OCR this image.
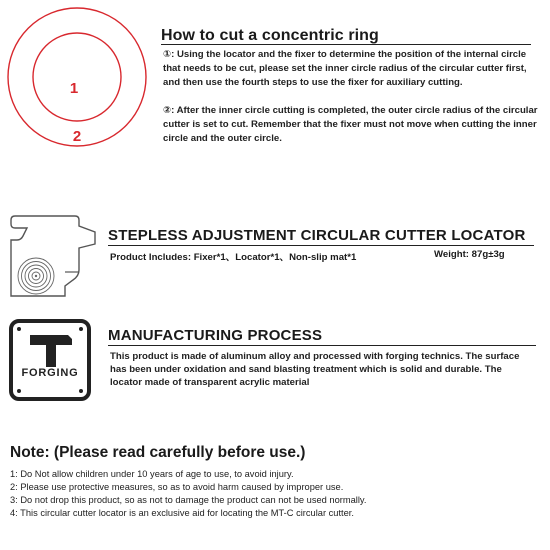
1
2
How to cut a concentric ring

①: Using the locator and the fixer to determine the position of the internal circle that needs to be cut, please set the inner circle radius of the circular cutter first, and then use the fourth steps to use the fixer for auxiliary cutting.

②: After the inner circle cutting is completed, the outer circle radius of the circular cutter is set to cut. Remember that the fixer must not move when cutting the inner circle and the outer circle.

STEPLESS ADJUSTMENT CIRCULAR CUTTER LOCATOR
Product Includes: Fixer*1、Locator*1、Non-slip mat*1	Weight: 87g±3g
FORGING
MANUFACTURING PROCESS

This product is made of aluminum alloy and processed with forging technics. The surface has been under oxidation and sand blasting treatment which is solid and durable. The locator made of transparent acrylic material

Note: (Please read carefully before use.)
1: Do Not allow children under 10 years of age to use, to avoid injury.
2: Please use protective measures, so as to avoid harm caused by improper use.
3: Do not drop this product, so as not to damage the product can not be used normally.
4: This circular cutter locator is an exclusive aid for locating the MT-C circular cutter.
